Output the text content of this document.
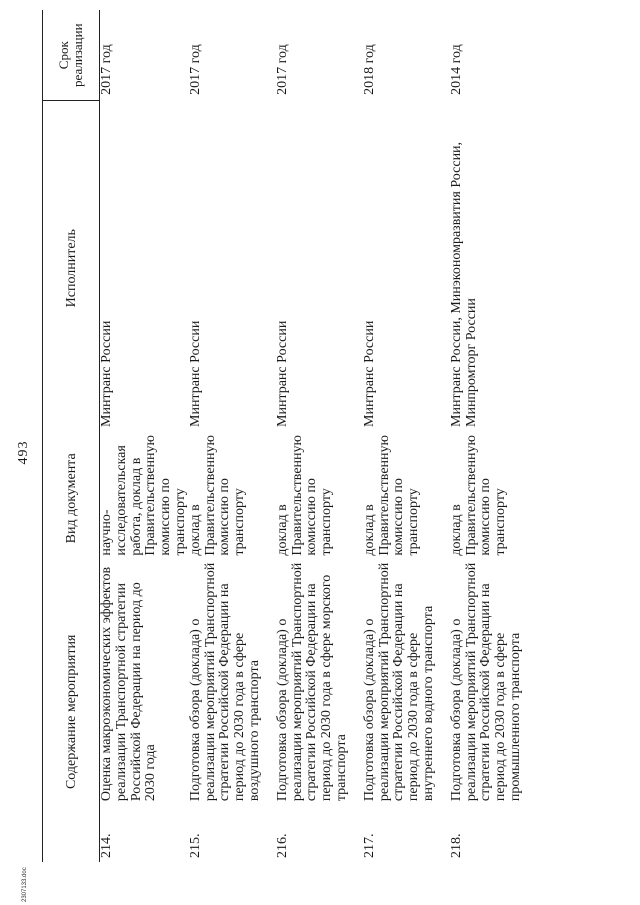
493
2307133.doc
Содержание мероприятия		Вид документа	Исполнитель	Срок реализации
214.	Оценка макроэкономических эффектов реализации Транспортной стратегии Российской Федерации на период до 2030 года	научно-исследовательская работа, доклад в Правительственную комиссию по транспорту	Минтранс России	2017 год
215.	Подготовка обзора (доклада) о реализации мероприятий Транспортной стратегии Российской Федерации на период до 2030 года в сфере воздушного транспорта	доклад в Правительственную комиссию по транспорту	Минтранс России	2017 год
216.	Подготовка обзора (доклада) о реализации мероприятий Транспортной стратегии Российской Федерации на период до 2030 года в сфере морского транспорта	доклад в Правительственную комиссию по транспорту	Минтранс России	2017 год
217.	Подготовка обзора (доклада) о реализации мероприятий Транспортной стратегии Российской Федерации на период до 2030 года в сфере внутреннего водного транспорта	доклад в Правительственную комиссию по транспорту	Минтранс России	2018 год
218.	Подготовка обзора (доклада) о реализации мероприятий Транспортной стратегии Российской Федерации на период до 2030 года в сфере промышленного транспорта	доклад в Правительственную комиссию по транспорту	Минтранс России, Минэкономразвития России, Минпромторг России	2014 год
